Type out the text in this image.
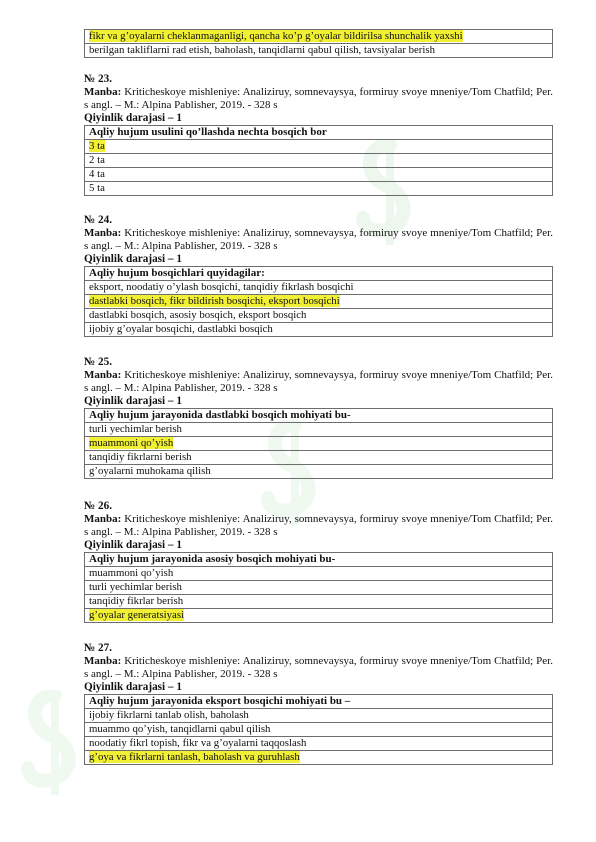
fikr va g’oyalarni cheklanmaganligi, qancha ko’p g’oyalar bildirilsa shunchalik yaxshi
berilgan takliflarni rad etish, baholash, tanqidlarni qabul qilish, tavsiyalar berish
№ 23.
Manba: Kriticheskoye mishleniye: Analiziruy, somnevaysya, formiruy svoye mneniye/Tom Chatfild; Per. s angl. – M.: Alpina Pablisher, 2019. - 328 s
Qiyinlik darajasi – 1
Aqliy hujum usulini qo’llashda nechta bosqich bor
3 ta
2 ta
4 ta
5 ta
№ 24.
Manba: Kriticheskoye mishleniye: Analiziruy, somnevaysya, formiruy svoye mneniye/Tom Chatfild; Per. s angl. – M.: Alpina Pablisher, 2019. - 328 s
Qiyinlik darajasi – 1
Aqliy hujum bosqichlari quyidagilar:
eksport, noodatiy o’ylash bosqichi, tanqidiy fikrlash bosqichi
dastlabki bosqich, fikr bildirish bosqichi, eksport bosqichi
dastlabki bosqich, asosiy bosqich, eksport bosqich
ijobiy g’oyalar bosqichi, dastlabki bosqich
№ 25.
Manba: Kriticheskoye mishleniye: Analiziruy, somnevaysya, formiruy svoye mneniye/Tom Chatfild; Per. s angl. – M.: Alpina Pablisher, 2019. - 328 s
Qiyinlik darajasi – 1
Aqliy hujum jarayonida dastlabki bosqich mohiyati bu-
turli yechimlar berish
muammoni qo’yish
tanqidiy fikrlarni berish
g’oyalarni muhokama qilish
№ 26.
Manba: Kriticheskoye mishleniye: Analiziruy, somnevaysya, formiruy svoye mneniye/Tom Chatfild; Per. s angl. – M.: Alpina Pablisher, 2019. - 328 s
Qiyinlik darajasi – 1
Aqliy hujum jarayonida asosiy bosqich mohiyati bu-
muammoni qo’yish
turli yechimlar berish
tanqidiy fikrlar berish
g’oyalar generatsiyasi
№ 27.
Manba: Kriticheskoye mishleniye: Analiziruy, somnevaysya, formiruy svoye mneniye/Tom Chatfild; Per. s angl. – M.: Alpina Pablisher, 2019. - 328 s
Qiyinlik darajasi – 1
Aqliy hujum jarayonida eksport bosqichi mohiyati bu –
ijobiy fikrlarni tanlab olish, baholash
muammo qo’yish, tanqidlarni qabul qilish
noodatiy fikrl topish, fikr va g’oyalarni taqqoslash
g’oya va fikrlarni tanlash, baholash va guruhlash
